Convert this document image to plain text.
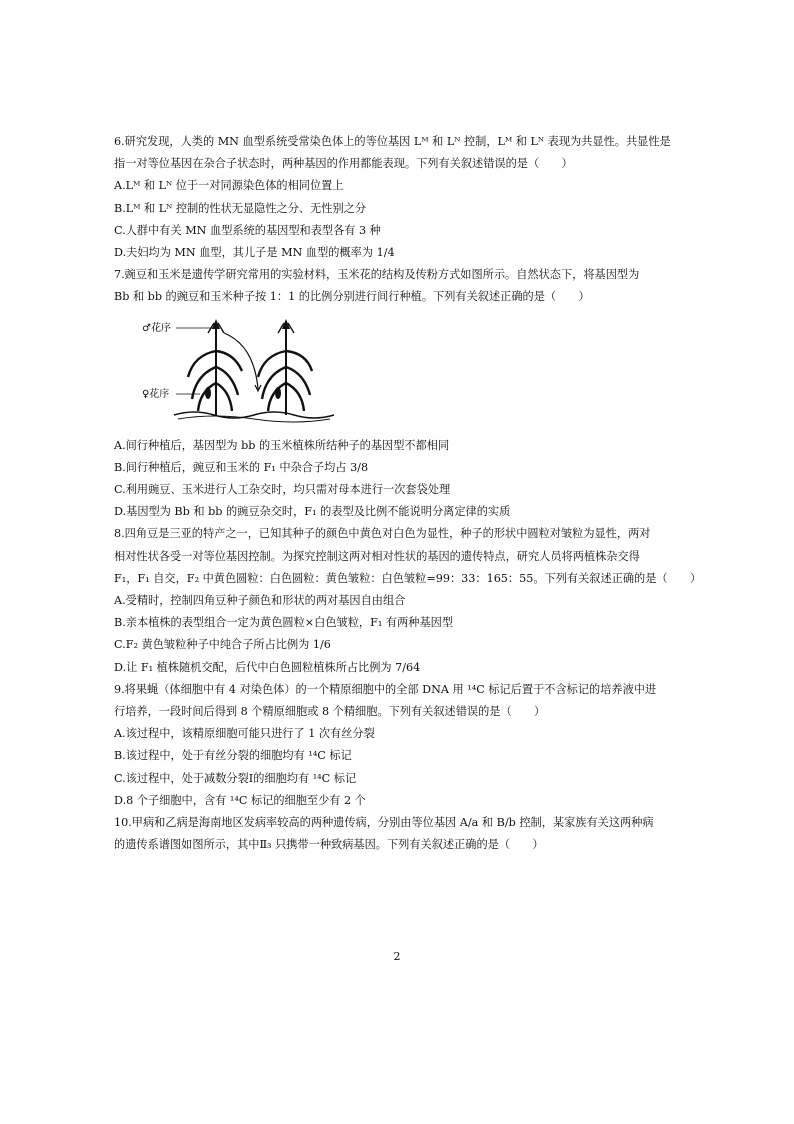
6.研究发现，人类的 MN 血型系统受常染色体上的等位基因 Lᴹ 和 Lᴺ 控制，Lᴹ 和 Lᴺ 表现为共显性。共显性是

指一对等位基因在杂合子状态时，两种基因的作用都能表现。下列有关叙述错误的是（　　）

A.Lᴹ 和 Lᴺ 位于一对同源染色体的相同位置上

B.Lᴹ 和 Lᴺ 控制的性状无显隐性之分、无性别之分

C.人群中有关 MN 血型系统的基因型和表型各有 3 种

D.夫妇均为 MN 血型，其儿子是 MN 血型的概率为 1/4

7.豌豆和玉米是遗传学研究常用的实验材料，玉米花的结构及传粉方式如图所示。自然状态下，将基因型为

Bb 和 bb 的豌豆和玉米种子按 1：1 的比例分别进行间行种植。下列有关叙述正确的是（　　）

♂花序
♀花序

A.间行种植后，基因型为 bb 的玉米植株所结种子的基因型不都相同

B.间行种植后，豌豆和玉米的 F₁ 中杂合子均占 3/8

C.利用豌豆、玉米进行人工杂交时，均只需对母本进行一次套袋处理

D.基因型为 Bb 和 bb 的豌豆杂交时，F₁ 的表型及比例不能说明分离定律的实质

8.四角豆是三亚的特产之一，已知其种子的颜色中黄色对白色为显性，种子的形状中圆粒对皱粒为显性，两对

相对性状各受一对等位基因控制。为探究控制这两对相对性状的基因的遗传特点，研究人员将两植株杂交得

F₁，F₁ 自交，F₂ 中黄色圆粒：白色圆粒：黄色皱粒：白色皱粒=99：33：165：55。下列有关叙述正确的是（　　）

A.受精时，控制四角豆种子颜色和形状的两对基因自由组合

B.亲本植株的表型组合一定为黄色圆粒×白色皱粒，F₁ 有两种基因型

C.F₂ 黄色皱粒种子中纯合子所占比例为 1/6

D.让 F₁ 植株随机交配，后代中白色圆粒植株所占比例为 7/64

9.将果蝇（体细胞中有 4 对染色体）的一个精原细胞中的全部 DNA 用 ¹⁴C 标记后置于不含标记的培养液中进

行培养，一段时间后得到 8 个精原细胞或 8 个精细胞。下列有关叙述错误的是（　　）

A.该过程中，该精原细胞可能只进行了 1 次有丝分裂

B.该过程中，处于有丝分裂的细胞均有 ¹⁴C 标记

C.该过程中，处于减数分裂Ⅰ的细胞均有 ¹⁴C 标记

D.8 个子细胞中，含有 ¹⁴C 标记的细胞至少有 2 个

10.甲病和乙病是海南地区发病率较高的两种遗传病，分别由等位基因 A/a 和 B/b 控制，某家族有关这两种病

的遗传系谱图如图所示，其中Ⅱ₃ 只携带一种致病基因。下列有关叙述正确的是（　　）

2
